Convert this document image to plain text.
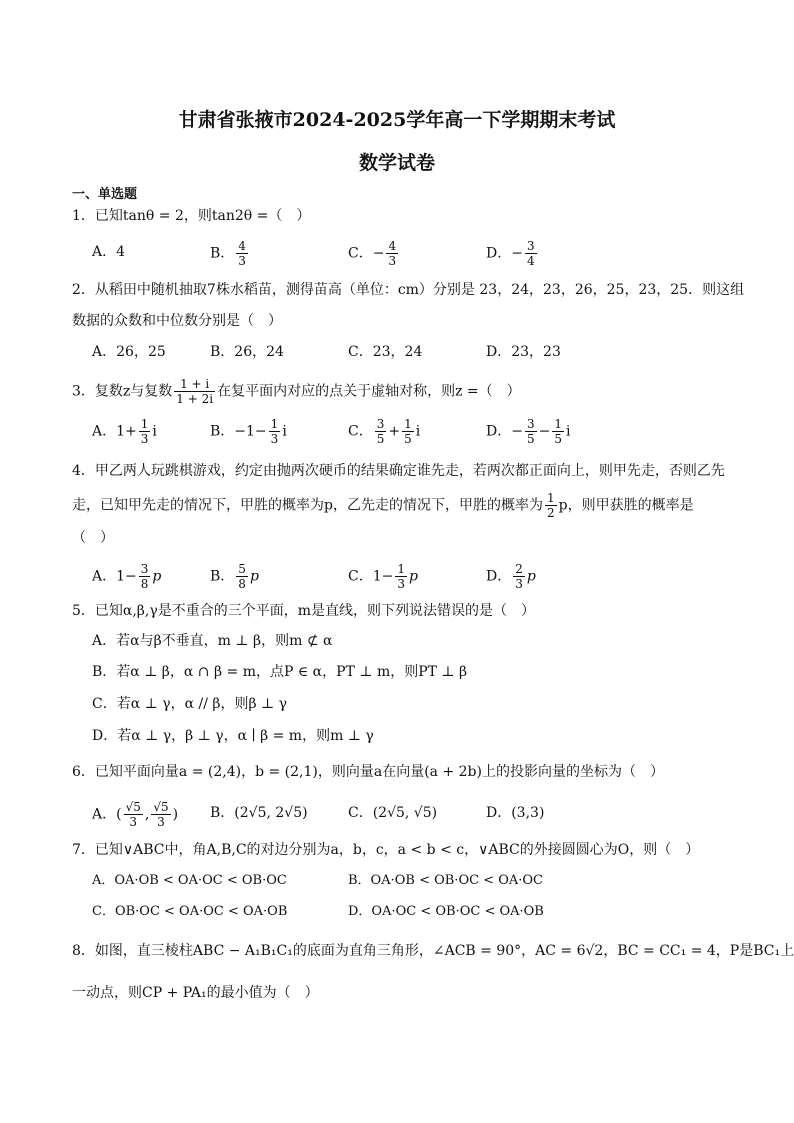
甘肃省张掖市2024-2025学年高一下学期期末考试
数学试卷
一、单选题
1．已知tanθ = 2，则tan2θ =（　）
A．4	B． $\frac{4}{3}$	C．− $\frac{4}{3}$	D．− $\frac{3}{4}$
2．从稻田中随机抽取7株水稻苗，测得苗高（单位：cm）分别是 23，24，23，26，25，23，25．则这组
数据的众数和中位数分别是（　）
A．26，25	B．26，24	C．23，24	D．23，23
3．复数z与复数 $\frac{1 + i}{1 + 2i}$ 在复平面内对应的点关于虚轴对称，则z =（　）
A．$1+ \frac{1}{3}$ i	B．$-1- \frac{1}{3}$ i	C． $\frac{3}{5} + \frac{1}{5}$ i	D．− $\frac{3}{5} - \frac{1}{5}$ i
4．甲乙两人玩跳棋游戏，约定由抛两次硬币的结果确定谁先走，若两次都正面向上，则甲先走，否则乙先
走，已知甲先走的情况下，甲胜的概率为p，乙先走的情况下，甲胜的概率为 $\frac{1}{2}$ p，则甲获胜的概率是
（　）
A．$1- \frac{3}{8}$ p	B． $\frac{5}{8}$ p	C．$1- \frac{1}{3}$ p	D． $\frac{2}{3}$ p
5．已知α,β,γ是不重合的三个平面，m是直线，则下列说法错误的是（　）
A．若α与β不垂直，m ⊥ β，则m ⊄ α
B．若α ⊥ β，α ∩ β = m，点P ∈ α，PT ⊥ m，则PT ⊥ β
C．若α ⊥ γ，α // β，则β ⊥ γ
D．若α ⊥ γ，β ⊥ γ，α ∣ β = m，则m ⊥ γ
6．已知平面向量a = (2,4)，b = (2,1)，则向量a在向量(a + 2b)上的投影向量的坐标为（　）
A．( $\frac{√5}{3}$ , $\frac{√5}{3}$ ) B．(2√5, 2√5)	C．(2√5, √5)	D．(3,3)
7．已知∨ABC中，角A,B,C的对边分别为a，b，c，a < b < c，∨ABC的外接圆圆心为O，则（　）
A．OA·OB < OA·OC < OB·OC	B．OA·OB < OB·OC < OA·OC
C．OB·OC < OA·OC < OA·OB	D．OA·OC < OB·OC < OA·OB
8．如图，直三棱柱ABC − A₁B₁C₁的底面为直角三角形，∠ACB = 90°，AC = 6√2，BC = CC₁ = 4，P是BC₁上
一动点，则CP + PA₁的最小值为（　）
